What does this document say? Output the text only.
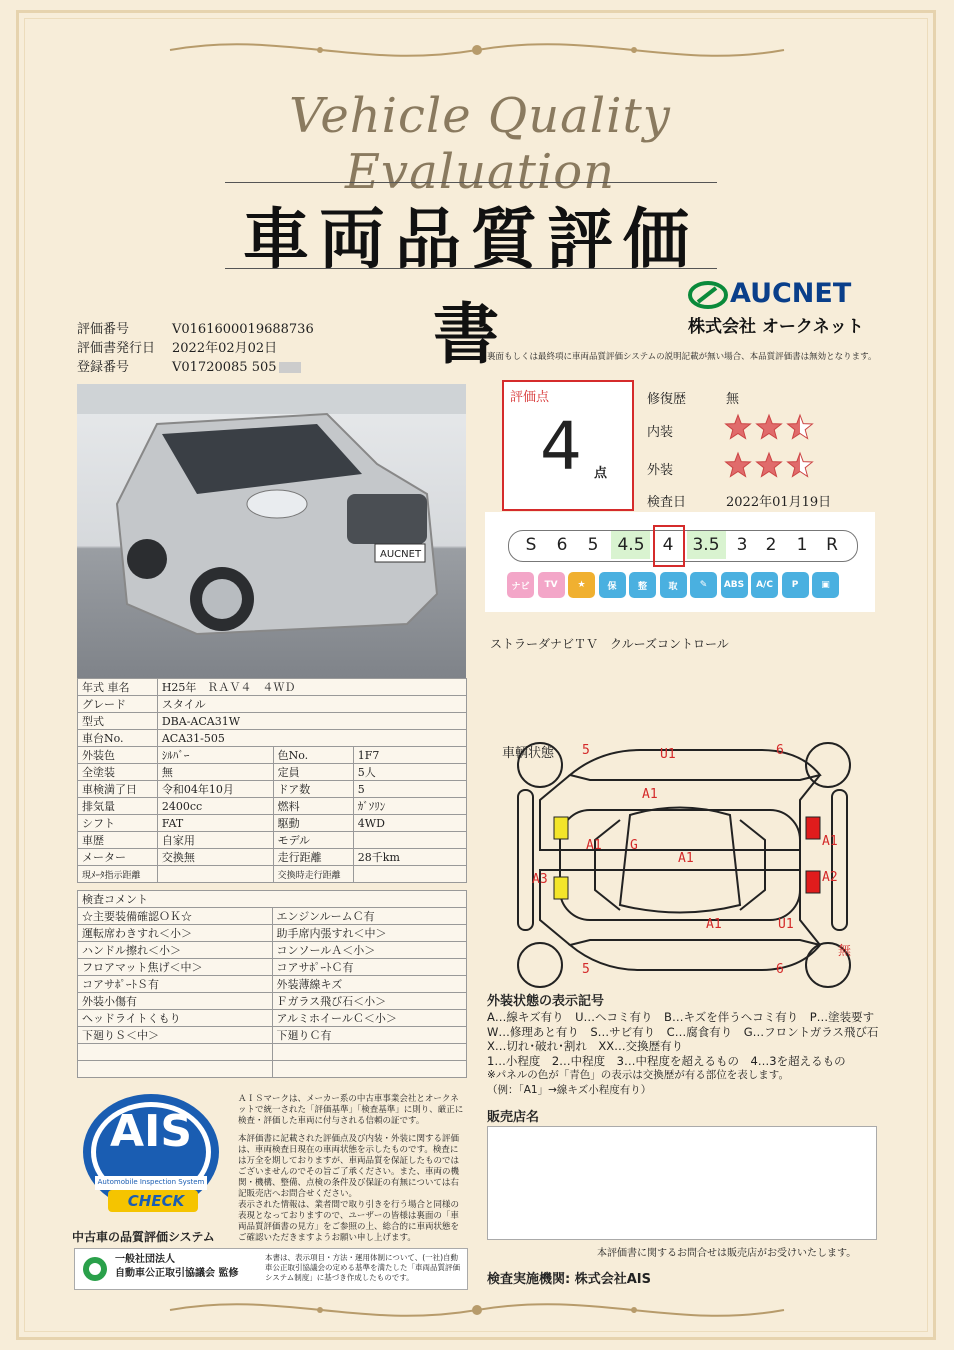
Vehicle Quality Evaluation
車両品質評価書
AUCNET
株式会社 オークネット
評価番号	V0161600019688736
評価書発行日 2022年02月02日
登録番号	V01720085 505
裏面もしくは最終項に車両品質評価システムの説明記載が無い場合、本品質評価書は無効となります。
AUCNET
評価点
4 点
修復歴	無
内装
外装
検査日	2022年01月19日
S	6	5	4.5	4	3.5	3	2	1	R
ナビ	TV	★	保	整	取	✎	ABS	A/C	P	▣
ストラーダナビＴＶ　クルーズコントロール
年式 車名	H25年　ＲＡＶ４　４ＷＤ		
グレード	スタイル		
型式	DBA-ACA31W		
車台No.	ACA31-505		
外装色	ｼﾙﾊﾞｰ	色No.	1F7
全塗装	無	定員	5人
車検満了日	令和04年10月	ドア数	5
排気量	2400cc	燃料	ｶﾞｿﾘﾝ
シフト	FAT	駆動	4WD
車歴	自家用	モデル	
メーター	交換無	走行距離	28千km
現ﾒｰﾀ指示距離		交換時走行距離	
検査コメント	
☆主要装備確認ＯＫ☆	エンジンルームＣ有
運転席わきすれ＜小＞	助手席内張すれ＜中＞
ハンドル擦れ＜小＞	コンソールＡ＜小＞
フロアマット焦げ＜中＞	コアサﾎﾟｰﾄＣ有
コアサﾎﾟｰﾄＳ有	外装薄線キズ
外装小傷有	Ｆガラス飛び石＜小＞
ヘッドライトくもり	アルミホイールＣ＜小＞
下廻りＳ＜中＞	下廻りＣ有

車輌状態 5	U1	6
A1
A1 G
A1
A3
A1
A2
A1	U1
5	6
無
外装状態の表示記号
A…線キズ有り　U…ヘコミ有り　B…キズを伴うヘコミ有り　P…塗装要す
W…修理あと有り　S…サビ有り　C…腐食有り　G…フロントガラス飛び石
X…切れ･破れ･割れ　XX…交換歴有り
1…小程度　2…中程度　3…中程度を超えるもの　4…3を超えるもの
※パネルの色が「青色」の表示は交換歴が有る部位を表します。
（例：「A1」→線キズ小程度有り）
販売店名
本評価書に関するお問合せは販売店がお受けいたします。
検査実施機関: 株式会社AIS
AIS
Automobile Inspection System
CHECK
中古車の品質評価システム
ＡＩＳマークは、メーカー系の中古車事業会社とオークネットで統一された「評価基準」「検査基準」に則り、厳正に検査・評価した車両に付与される信頼の証です。
本評価書に記載された評価点及び内装・外装に関する評価は、車両検査日現在の車両状態を示したものです。検査には万全を期しておりますが、車両品質を保証したものではございませんのでその旨ご了承ください。また、車両の機関・機構、整備、点検の条件及び保証の有無については右記販売店へお問合せください。
表示された情報は、業者間で取り引きを行う場合と同様の表現となっておりますので、ユーザーの皆様は裏面の「車両品質評価書の見方」をご参照の上、総合的に車両状態をご確認いただきますようお願い申し上げます。
一般社団法人
自動車公正取引協議会 監修
本書は、表示項目・方法・運用体制について、(一社)自動車公正取引協議会の定める基準を満たした「車両品質評価システム制度」に基づき作成したものです。
